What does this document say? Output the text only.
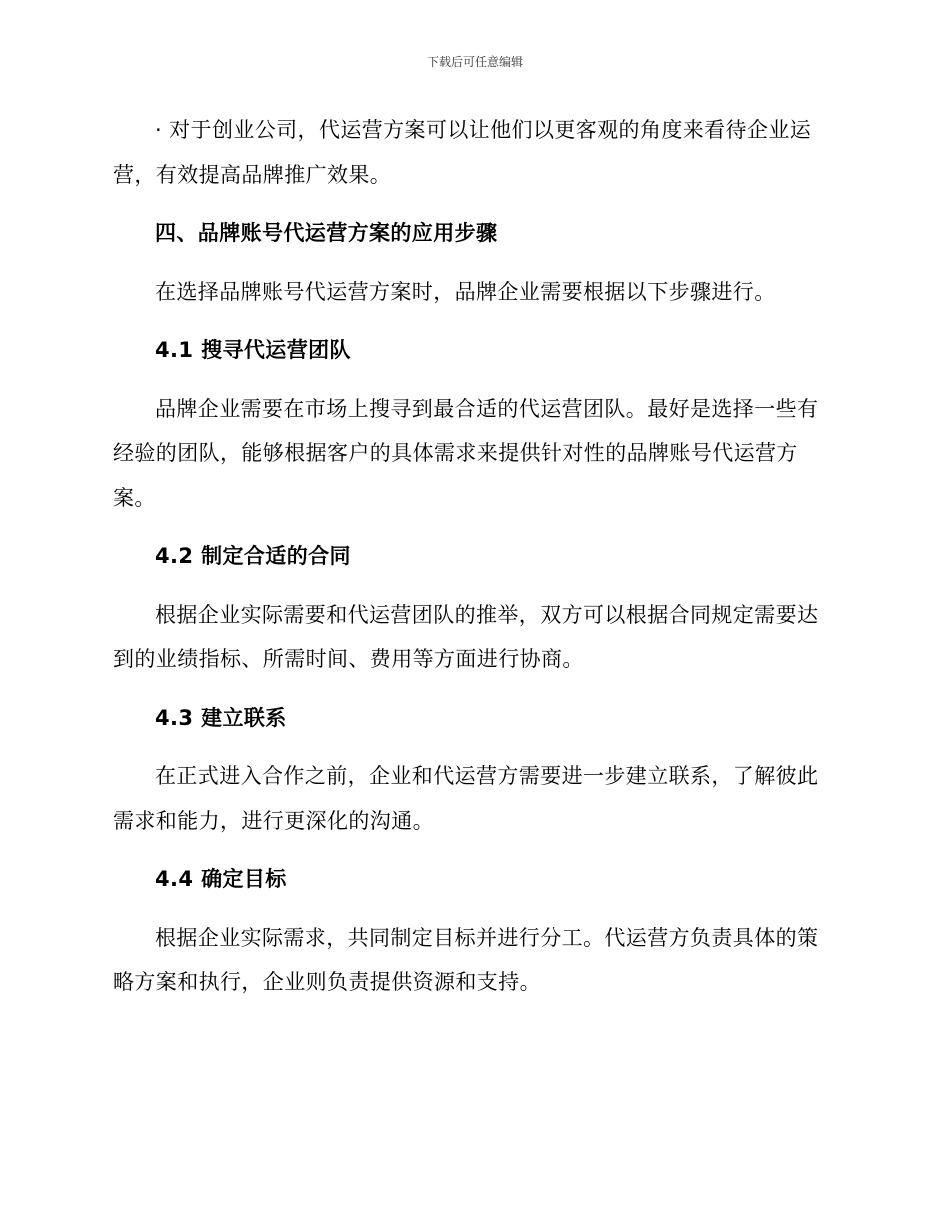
下载后可任意编辑

· 对于创业公司，代运营方案可以让他们以更客观的角度来看待企业运营，有效提高品牌推广效果。

四、品牌账号代运营方案的应用步骤

在选择品牌账号代运营方案时，品牌企业需要根据以下步骤进行。

4.1 搜寻代运营团队

品牌企业需要在市场上搜寻到最合适的代运营团队。最好是选择一些有经验的团队，能够根据客户的具体需求来提供针对性的品牌账号代运营方案。

4.2 制定合适的合同

根据企业实际需要和代运营团队的推举，双方可以根据合同规定需要达到的业绩指标、所需时间、费用等方面进行协商。

4.3 建立联系

在正式进入合作之前，企业和代运营方需要进一步建立联系，了解彼此需求和能力，进行更深化的沟通。

4.4 确定目标

根据企业实际需求，共同制定目标并进行分工。代运营方负责具体的策略方案和执行，企业则负责提供资源和支持。
